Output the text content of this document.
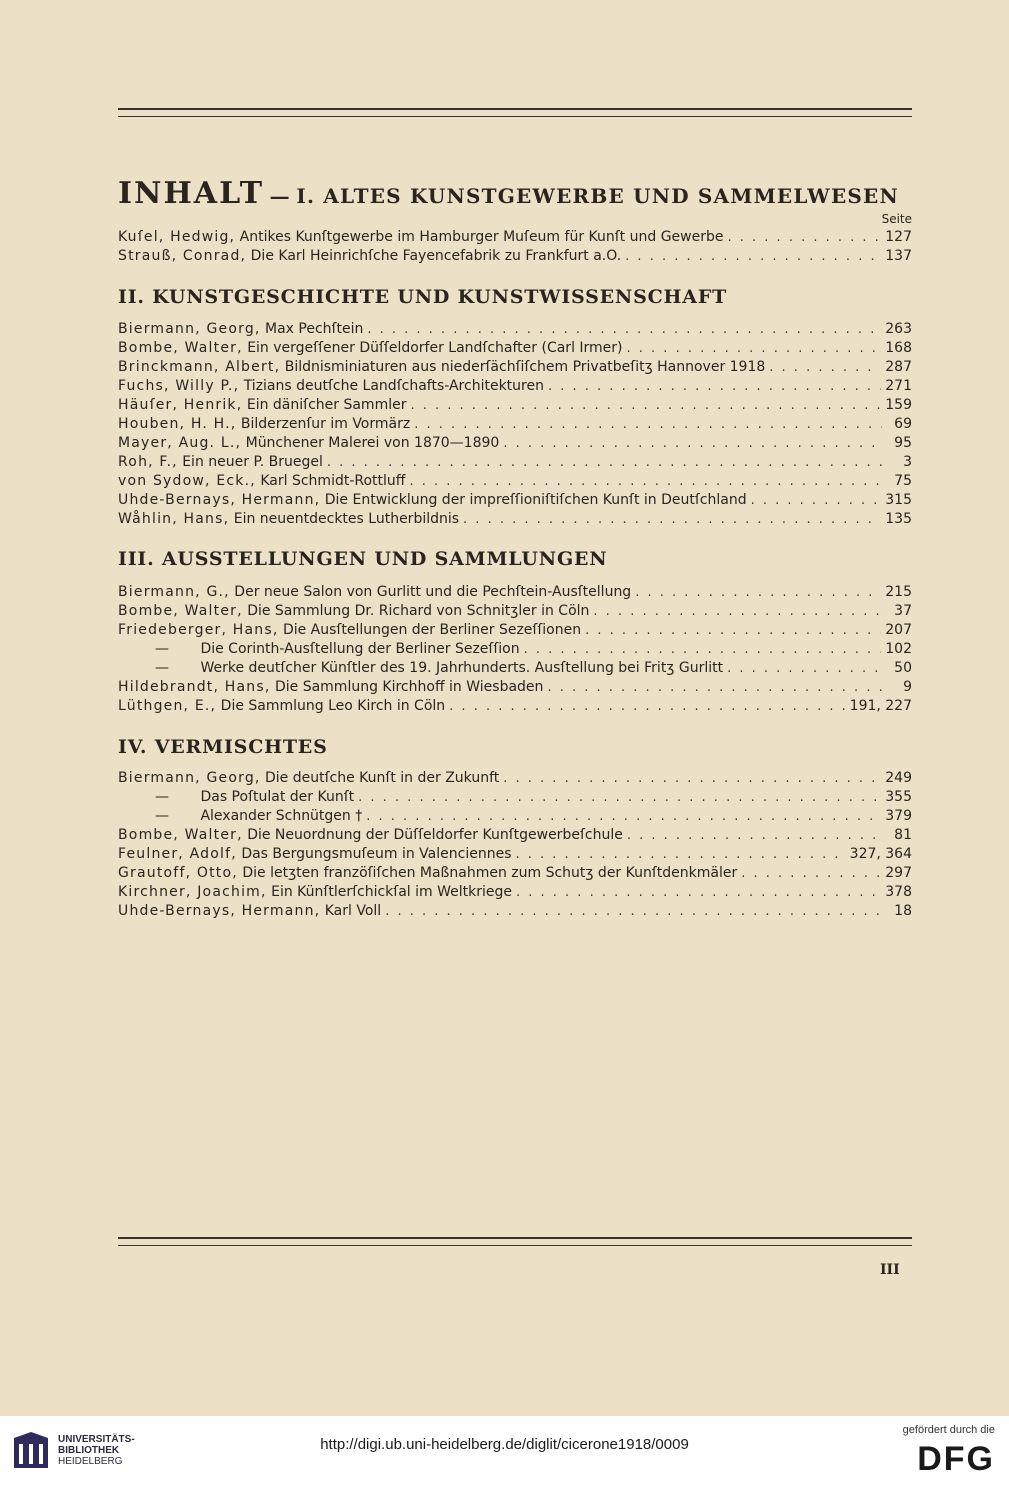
INHALT — I. ALTES KUNSTGEWERBE UND SAMMELWESEN
Seite
Kuſel, Hedwig,
Antikes Kunſtgewerbe im Hamburger Muſeum für Kunſt und Gewerbe . . .	127
Strauß, Conrad,
Die Karl Heinrichſche Fayencefabrik zu Frankfurt a.O. . . .	137
II. KUNSTGESCHICHTE UND KUNSTWISSENSCHAFT
Biermann, Georg,
Max Pechſtein . . .	263
Bombe, Walter,
Ein vergeſſener Düſſeldorfer Landſchafter (Carl Irmer) . . .	168
Brinckmann, Albert,
Bildnisminiaturen aus niederſächſiſchem Privatbeſitʒ Hannover 1918 . . .	287
Fuchs, Willy P.,
Tizians deutſche Landſchafts-Architekturen . . .	271
Häuſer, Henrik,
Ein däniſcher Sammler . . .	159
Houben, H. H.,
Bilderzenſur im Vormärz . . .	69
Mayer, Aug. L.,
Münchener Malerei von 1870—1890 . . .	95
Roh, F.,
Ein neuer P. Bruegel . . .	3
von Sydow, Eck.,
Karl Schmidt-Rottluff . . .	75
Uhde-Bernays, Hermann,
Die Entwicklung der impreſſioniſtiſchen Kunſt in Deutſchland . . .	315
Wåhlin, Hans,
Ein neuentdecktes Lutherbildnis . . .	135
III. AUSSTELLUNGEN UND SAMMLUNGEN
Biermann, G.,
Der neue Salon von Gurlitt und die Pechſtein-Ausſtellung . . .	215
Bombe, Walter,
Die Sammlung Dr. Richard von Schnitʒler in Cöln . . .	37
Friedeberger, Hans,
Die Ausſtellungen der Berliner Sezeſſionen . . .	207
—
	Die Corinth-Ausſtellung der Berliner Sezeſſion . . .	102
—
	Werke deutſcher Künſtler des 19. Jahrhunderts. Ausſtellung bei Fritʒ Gurlitt . . .	50
Hildebrandt, Hans,
Die Sammlung Kirchhoff in Wiesbaden . . .	9
Lüthgen, E.,
Die Sammlung Leo Kirch in Cöln . . .	191, 227
IV. VERMISCHTES
Biermann, Georg,
Die deutſche Kunſt in der Zukunft . . .	249
—
	Das Poſtulat der Kunſt . . .	355
—
	Alexander Schnütgen † . . .	379
Bombe, Walter,
Die Neuordnung der Düſſeldorfer Kunſtgewerbeſchule . . .	81
Feulner, Adolf,
Das Bergungsmuſeum in Valenciennes . . .	327, 364
Grautoff, Otto,
Die letʒten franzöſiſchen Maßnahmen zum Schutʒ der Kunſtdenkmäler . . .	297
Kirchner, Joachim,
Ein Künſtlerſchickſal im Weltkriege . . .	378
Uhde-Bernays, Hermann,
Karl Voll . . .	18
III
UNIVERSITÄTS-
BIBLIOTHEK
HEIDELBERG
http://digi.ub.uni-heidelberg.de/diglit/cicerone1918/0009
gefördert durch die
DFG
